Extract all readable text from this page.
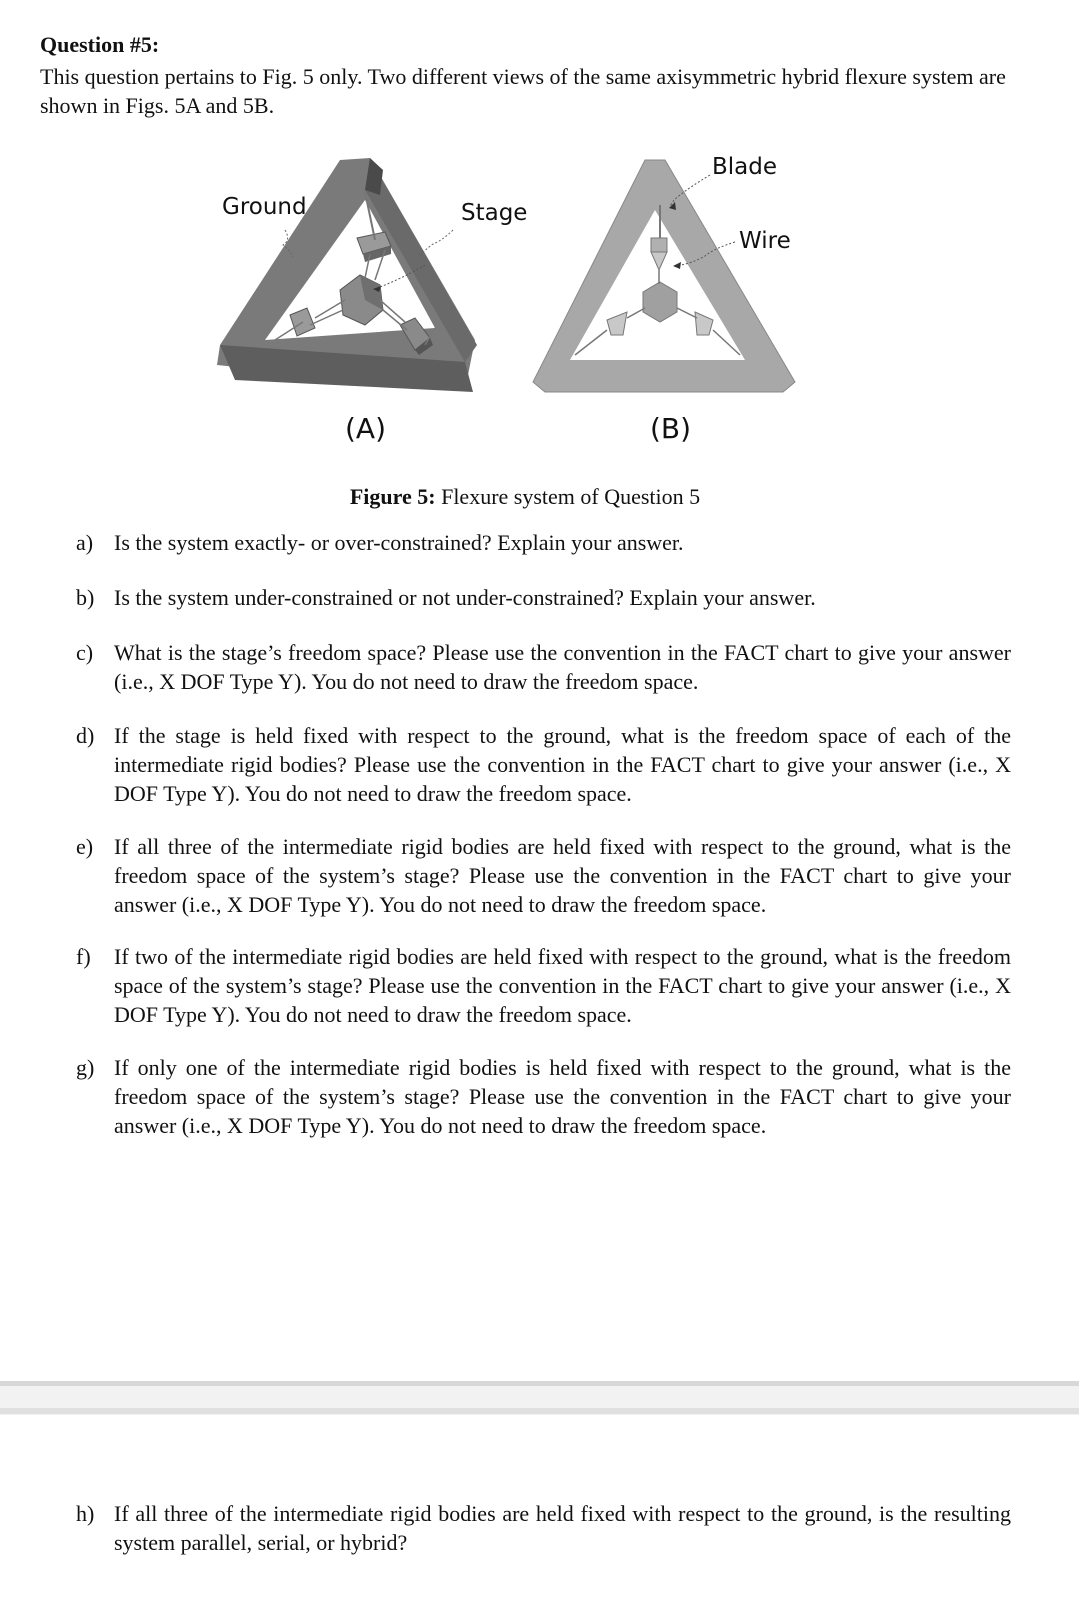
Question #5:
This question pertains to Fig. 5 only. Two different views of the same axisymmetric hybrid flexure system are shown in Figs. 5A and 5B.
Ground	Stage
Blade
Wire
(A)	(B)
Figure 5: Flexure system of Question 5
a) Is the system exactly- or over-constrained? Explain your answer.
b) Is the system under-constrained or not under-constrained? Explain your answer.
c) What is the stage’s freedom space? Please use the convention in the FACT chart to give your answer (i.e., X DOF Type Y). You do not need to draw the freedom space.
d) If the stage is held fixed with respect to the ground, what is the freedom space of each of the intermediate rigid bodies? Please use the convention in the FACT chart to give your answer (i.e., X DOF Type Y). You do not need to draw the freedom space.
e) If all three of the intermediate rigid bodies are held fixed with respect to the ground, what is the freedom space of the system’s stage? Please use the convention in the FACT chart to give your answer (i.e., X DOF Type Y). You do not need to draw the freedom space.
f) If two of the intermediate rigid bodies are held fixed with respect to the ground, what is the freedom space of the system’s stage? Please use the convention in the FACT chart to give your answer (i.e., X DOF Type Y). You do not need to draw the freedom space.
g) If only one of the intermediate rigid bodies is held fixed with respect to the ground, what is the freedom space of the system’s stage? Please use the convention in the FACT chart to give your answer (i.e., X DOF Type Y). You do not need to draw the freedom space.
h) If all three of the intermediate rigid bodies are held fixed with respect to the ground, is the resulting system parallel, serial, or hybrid?
